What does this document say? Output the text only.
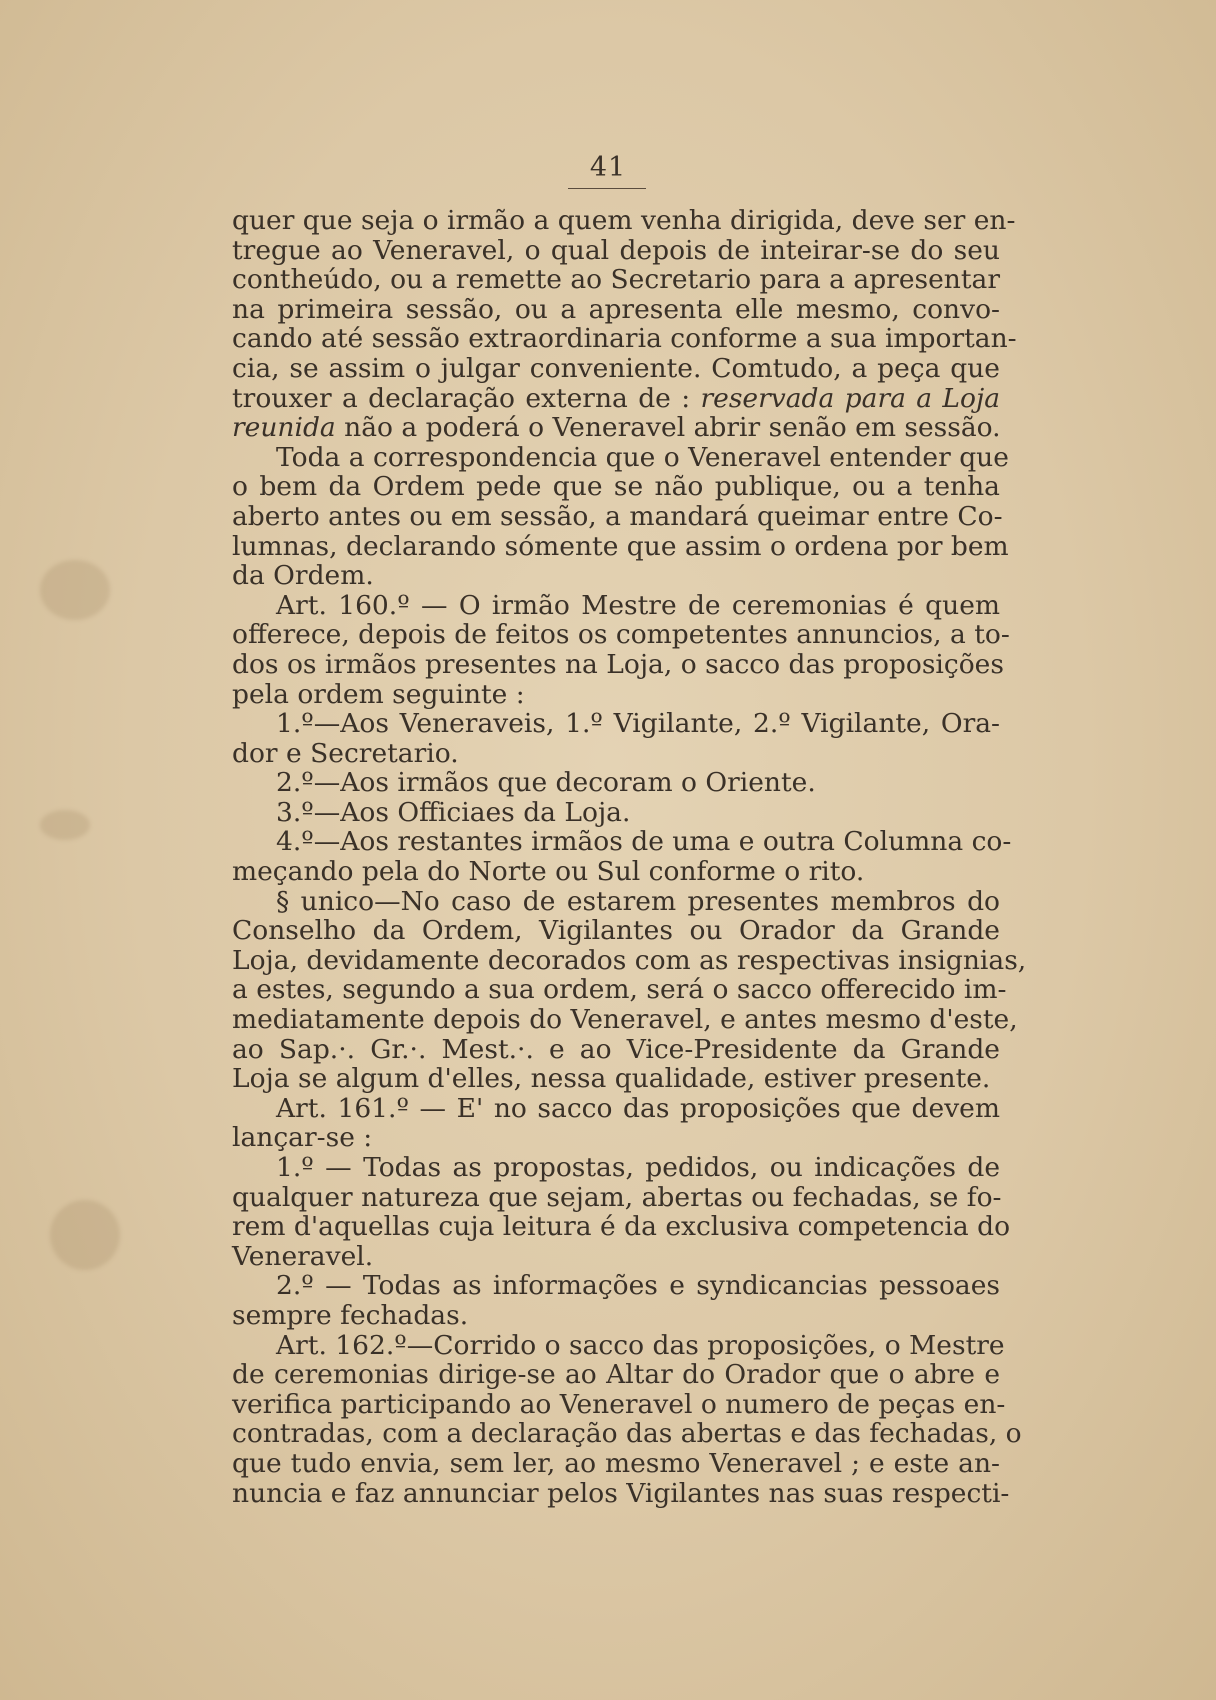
41
quer que seja o irmão a quem venha dirigida, deve ser en-
tregue ao Veneravel, o qual depois de inteirar-se do seu
contheúdo, ou a remette ao Secretario para a apresentar
na primeira sessão, ou a apresenta elle mesmo, convo-
cando até sessão extraordinaria conforme a sua importan-
cia, se assim o julgar conveniente. Comtudo, a peça que
trouxer a declaração externa de : reservada para a Loja
reunida não a poderá o Veneravel abrir senão em sessão.
Toda a correspondencia que o Veneravel entender que
o bem da Ordem pede que se não publique, ou a tenha
aberto antes ou em sessão, a mandará queimar entre Co-
lumnas, declarando sómente que assim o ordena por bem
da Ordem.
Art. 160.º — O irmão Mestre de ceremonias é quem
offerece, depois de feitos os competentes annuncios, a to-
dos os irmãos presentes na Loja, o sacco das proposições
pela ordem seguinte :
1.º—Aos Veneraveis, 1.º Vigilante, 2.º Vigilante, Ora-
dor e Secretario.
2.º—Aos irmãos que decoram o Oriente.
3.º—Aos Officiaes da Loja.
4.º—Aos restantes irmãos de uma e outra Columna co-
meçando pela do Norte ou Sul conforme o rito.
§ unico—No caso de estarem presentes membros do
Conselho da Ordem, Vigilantes ou Orador da Grande
Loja, devidamente decorados com as respectivas insignias,
a estes, segundo a sua ordem, será o sacco offerecido im-
mediatamente depois do Veneravel, e antes mesmo d'este,
ao Sap.·. Gr.·. Mest.·. e ao Vice-Presidente da Grande
Loja se algum d'elles, nessa qualidade, estiver presente.
Art. 161.º — E' no sacco das proposições que devem
lançar-se :
1.º — Todas as propostas, pedidos, ou indicações de
qualquer natureza que sejam, abertas ou fechadas, se fo-
rem d'aquellas cuja leitura é da exclusiva competencia do
Veneravel.
2.º — Todas as informações e syndicancias pessoaes
sempre fechadas.
Art. 162.º—Corrido o sacco das proposições, o Mestre
de ceremonias dirige-se ao Altar do Orador que o abre e
verifica participando ao Veneravel o numero de peças en-
contradas, com a declaração das abertas e das fechadas, o
que tudo envia, sem ler, ao mesmo Veneravel ; e este an-
nuncia e faz annunciar pelos Vigilantes nas suas respecti-
